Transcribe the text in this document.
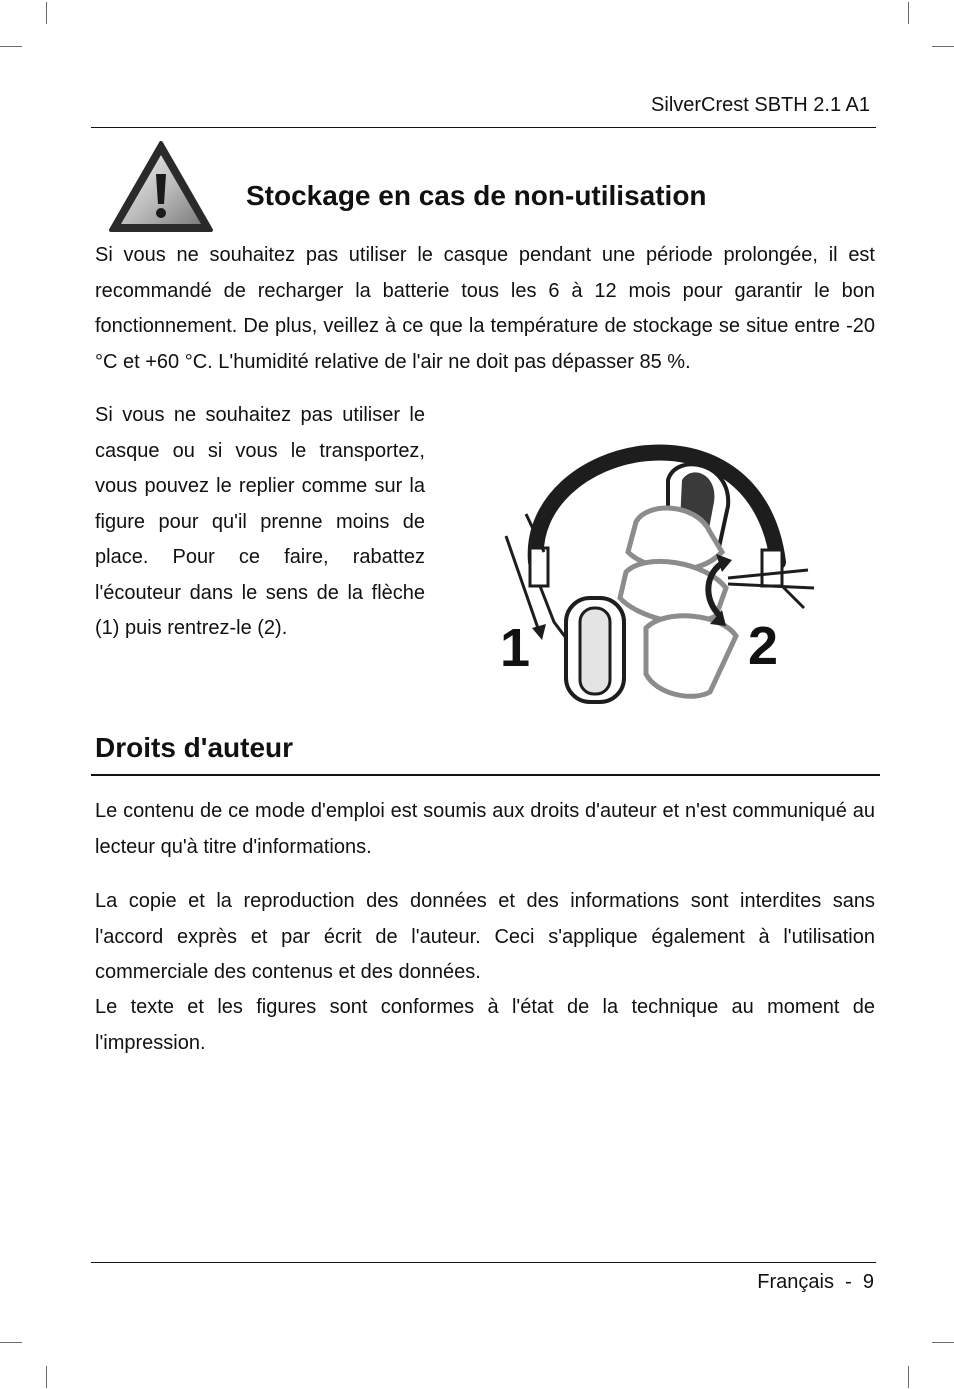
SilverCrest SBTH 2.1 A1
Stockage en cas de non-utilisation

Si vous ne souhaitez pas utiliser le casque pendant une période prolongée, il est recommandé de recharger la batterie tous les 6 à 12 mois pour garantir le bon fonctionnement. De plus, veillez à ce que la température de stockage se situe entre -20 °C et +60 °C. L'humidité relative de l'air ne doit pas dépasser 85 %.

Si vous ne souhaitez pas utiliser le casque ou si vous le transportez, vous pouvez le replier comme sur la figure pour qu'il prenne moins de place. Pour ce faire, rabattez l'écouteur dans le sens de la flèche (1) puis rentrez-le (2).	1	2
Droits d'auteur

Le contenu de ce mode d'emploi est soumis aux droits d'auteur et n'est communiqué au lecteur qu'à titre d'informations.

La copie et la reproduction des données et des informations sont interdites sans l'accord exprès et par écrit de l'auteur. Ceci s'applique également à l'utilisation commerciale des contenus et des données.

Le texte et les figures sont conformes à l'état de la technique au moment de l'impression.

Français  -  9
